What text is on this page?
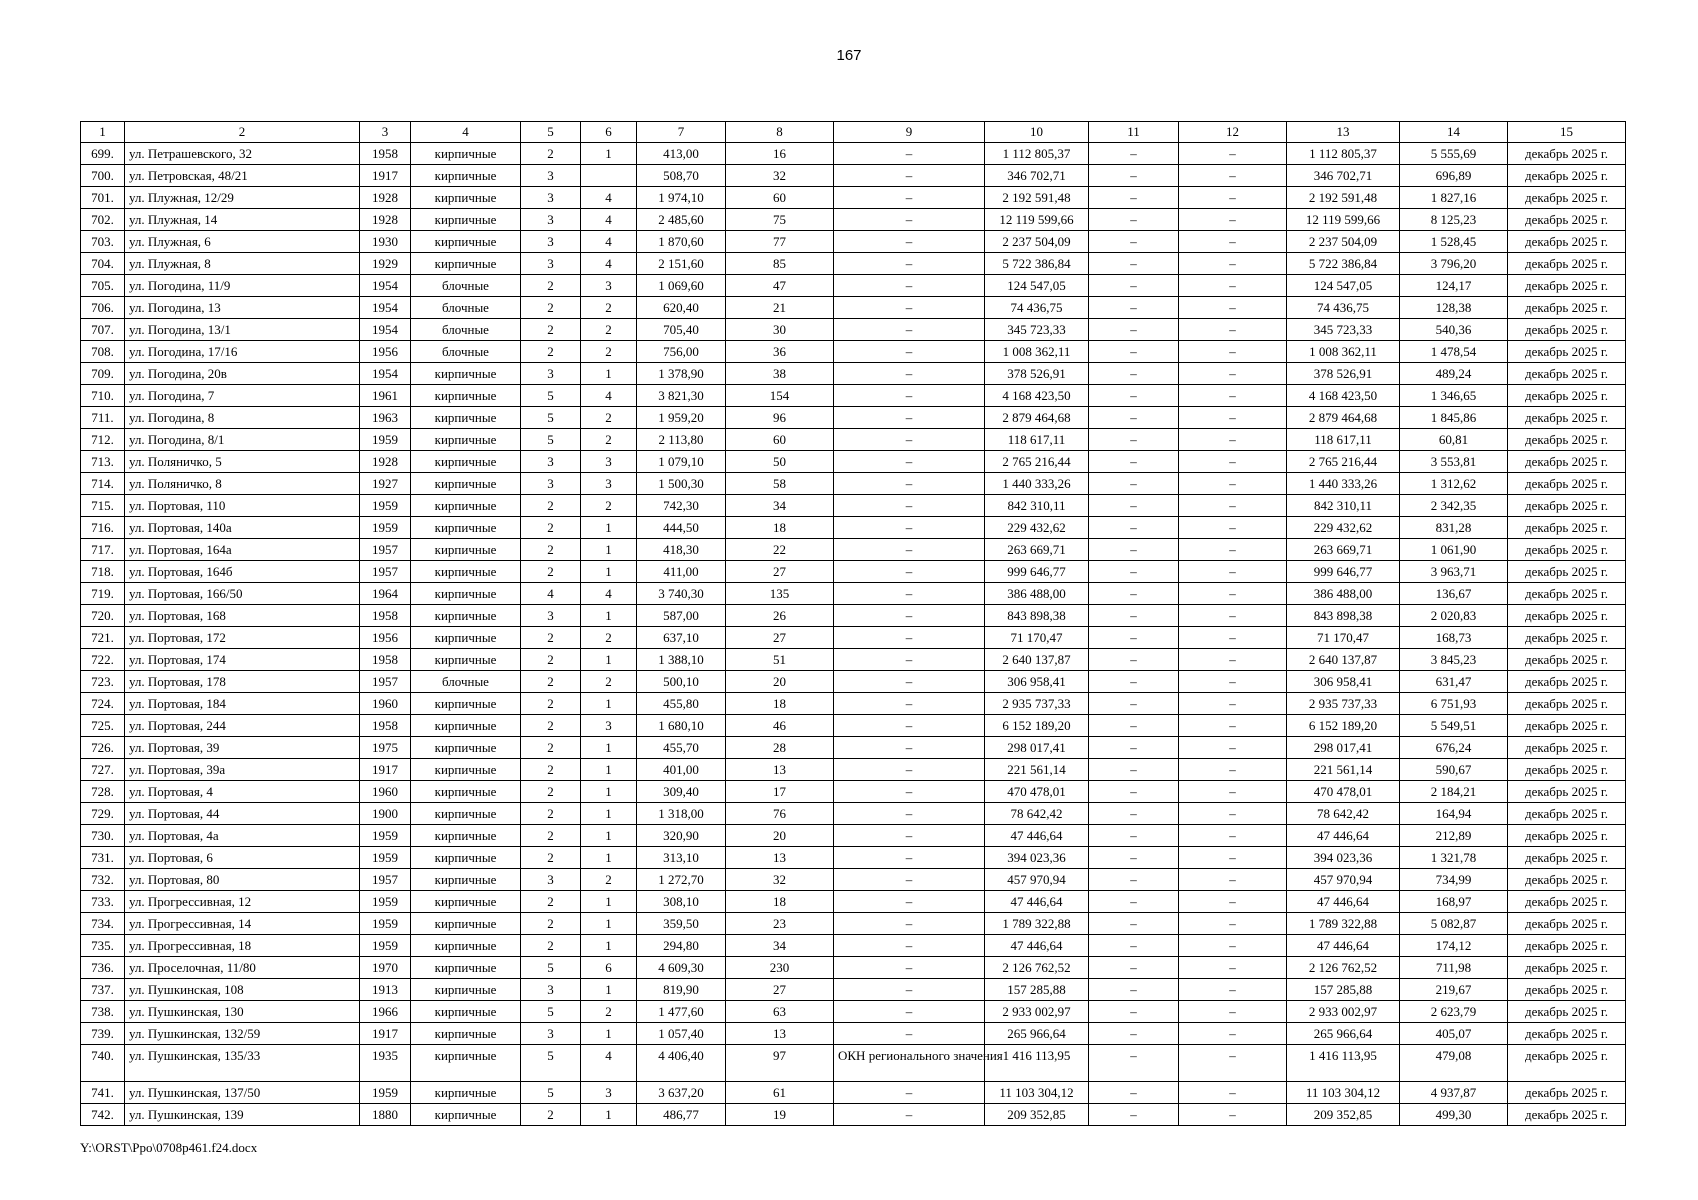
167
1	2	3	4	5	6	7	8	9	10	11	12	13	14	15
699.	ул. Петрашевского, 32	1958	кирпичные	2	1	413,00	16	–	1 112 805,37	–	–	1 112 805,37	5 555,69	декабрь 2025 г.
700.	ул. Петровская, 48/21	1917	кирпичные	3		508,70	32	–	346 702,71	–	–	346 702,71	696,89	декабрь 2025 г.
701.	ул. Плужная, 12/29	1928	кирпичные	3	4	1 974,10	60	–	2 192 591,48	–	–	2 192 591,48	1 827,16	декабрь 2025 г.
702.	ул. Плужная, 14	1928	кирпичные	3	4	2 485,60	75	–	12 119 599,66	–	–	12 119 599,66	8 125,23	декабрь 2025 г.
703.	ул. Плужная, 6	1930	кирпичные	3	4	1 870,60	77	–	2 237 504,09	–	–	2 237 504,09	1 528,45	декабрь 2025 г.
704.	ул. Плужная, 8	1929	кирпичные	3	4	2 151,60	85	–	5 722 386,84	–	–	5 722 386,84	3 796,20	декабрь 2025 г.
705.	ул. Погодина, 11/9	1954	блочные	2	3	1 069,60	47	–	124 547,05	–	–	124 547,05	124,17	декабрь 2025 г.
706.	ул. Погодина, 13	1954	блочные	2	2	620,40	21	–	74 436,75	–	–	74 436,75	128,38	декабрь 2025 г.
707.	ул. Погодина, 13/1	1954	блочные	2	2	705,40	30	–	345 723,33	–	–	345 723,33	540,36	декабрь 2025 г.
708.	ул. Погодина, 17/16	1956	блочные	2	2	756,00	36	–	1 008 362,11	–	–	1 008 362,11	1 478,54	декабрь 2025 г.
709.	ул. Погодина, 20в	1954	кирпичные	3	1	1 378,90	38	–	378 526,91	–	–	378 526,91	489,24	декабрь 2025 г.
710.	ул. Погодина, 7	1961	кирпичные	5	4	3 821,30	154	–	4 168 423,50	–	–	4 168 423,50	1 346,65	декабрь 2025 г.
711.	ул. Погодина, 8	1963	кирпичные	5	2	1 959,20	96	–	2 879 464,68	–	–	2 879 464,68	1 845,86	декабрь 2025 г.
712.	ул. Погодина, 8/1	1959	кирпичные	5	2	2 113,80	60	–	118 617,11	–	–	118 617,11	60,81	декабрь 2025 г.
713.	ул. Поляничко, 5	1928	кирпичные	3	3	1 079,10	50	–	2 765 216,44	–	–	2 765 216,44	3 553,81	декабрь 2025 г.
714.	ул. Поляничко, 8	1927	кирпичные	3	3	1 500,30	58	–	1 440 333,26	–	–	1 440 333,26	1 312,62	декабрь 2025 г.
715.	ул. Портовая, 110	1959	кирпичные	2	2	742,30	34	–	842 310,11	–	–	842 310,11	2 342,35	декабрь 2025 г.
716.	ул. Портовая, 140а	1959	кирпичные	2	1	444,50	18	–	229 432,62	–	–	229 432,62	831,28	декабрь 2025 г.
717.	ул. Портовая, 164а	1957	кирпичные	2	1	418,30	22	–	263 669,71	–	–	263 669,71	1 061,90	декабрь 2025 г.
718.	ул. Портовая, 164б	1957	кирпичные	2	1	411,00	27	–	999 646,77	–	–	999 646,77	3 963,71	декабрь 2025 г.
719.	ул. Портовая, 166/50	1964	кирпичные	4	4	3 740,30	135	–	386 488,00	–	–	386 488,00	136,67	декабрь 2025 г.
720.	ул. Портовая, 168	1958	кирпичные	3	1	587,00	26	–	843 898,38	–	–	843 898,38	2 020,83	декабрь 2025 г.
721.	ул. Портовая, 172	1956	кирпичные	2	2	637,10	27	–	71 170,47	–	–	71 170,47	168,73	декабрь 2025 г.
722.	ул. Портовая, 174	1958	кирпичные	2	1	1 388,10	51	–	2 640 137,87	–	–	2 640 137,87	3 845,23	декабрь 2025 г.
723.	ул. Портовая, 178	1957	блочные	2	2	500,10	20	–	306 958,41	–	–	306 958,41	631,47	декабрь 2025 г.
724.	ул. Портовая, 184	1960	кирпичные	2	1	455,80	18	–	2 935 737,33	–	–	2 935 737,33	6 751,93	декабрь 2025 г.
725.	ул. Портовая, 244	1958	кирпичные	2	3	1 680,10	46	–	6 152 189,20	–	–	6 152 189,20	5 549,51	декабрь 2025 г.
726.	ул. Портовая, 39	1975	кирпичные	2	1	455,70	28	–	298 017,41	–	–	298 017,41	676,24	декабрь 2025 г.
727.	ул. Портовая, 39а	1917	кирпичные	2	1	401,00	13	–	221 561,14	–	–	221 561,14	590,67	декабрь 2025 г.
728.	ул. Портовая, 4	1960	кирпичные	2	1	309,40	17	–	470 478,01	–	–	470 478,01	2 184,21	декабрь 2025 г.
729.	ул. Портовая, 44	1900	кирпичные	2	1	1 318,00	76	–	78 642,42	–	–	78 642,42	164,94	декабрь 2025 г.
730.	ул. Портовая, 4а	1959	кирпичные	2	1	320,90	20	–	47 446,64	–	–	47 446,64	212,89	декабрь 2025 г.
731.	ул. Портовая, 6	1959	кирпичные	2	1	313,10	13	–	394 023,36	–	–	394 023,36	1 321,78	декабрь 2025 г.
732.	ул. Портовая, 80	1957	кирпичные	3	2	1 272,70	32	–	457 970,94	–	–	457 970,94	734,99	декабрь 2025 г.
733.	ул. Прогрессивная, 12	1959	кирпичные	2	1	308,10	18	–	47 446,64	–	–	47 446,64	168,97	декабрь 2025 г.
734.	ул. Прогрессивная, 14	1959	кирпичные	2	1	359,50	23	–	1 789 322,88	–	–	1 789 322,88	5 082,87	декабрь 2025 г.
735.	ул. Прогрессивная, 18	1959	кирпичные	2	1	294,80	34	–	47 446,64	–	–	47 446,64	174,12	декабрь 2025 г.
736.	ул. Проселочная, 11/80	1970	кирпичные	5	6	4 609,30	230	–	2 126 762,52	–	–	2 126 762,52	711,98	декабрь 2025 г.
737.	ул. Пушкинская, 108	1913	кирпичные	3	1	819,90	27	–	157 285,88	–	–	157 285,88	219,67	декабрь 2025 г.
738.	ул. Пушкинская, 130	1966	кирпичные	5	2	1 477,60	63	–	2 933 002,97	–	–	2 933 002,97	2 623,79	декабрь 2025 г.
739.	ул. Пушкинская, 132/59	1917	кирпичные	3	1	1 057,40	13	–	265 966,64	–	–	265 966,64	405,07	декабрь 2025 г.
740.	ул. Пушкинская, 135/33	1935	кирпичные	5	4	4 406,40	97	ОКН регионального значения	1 416 113,95	–	–	1 416 113,95	479,08	декабрь 2025 г.
741.	ул. Пушкинская, 137/50	1959	кирпичные	5	3	3 637,20	61	–	11 103 304,12	–	–	11 103 304,12	4 937,87	декабрь 2025 г.
742.	ул. Пушкинская, 139	1880	кирпичные	2	1	486,77	19	–	209 352,85	–	–	209 352,85	499,30	декабрь 2025 г.
Y:\ORST\Ppo\0708p461.f24.docx
